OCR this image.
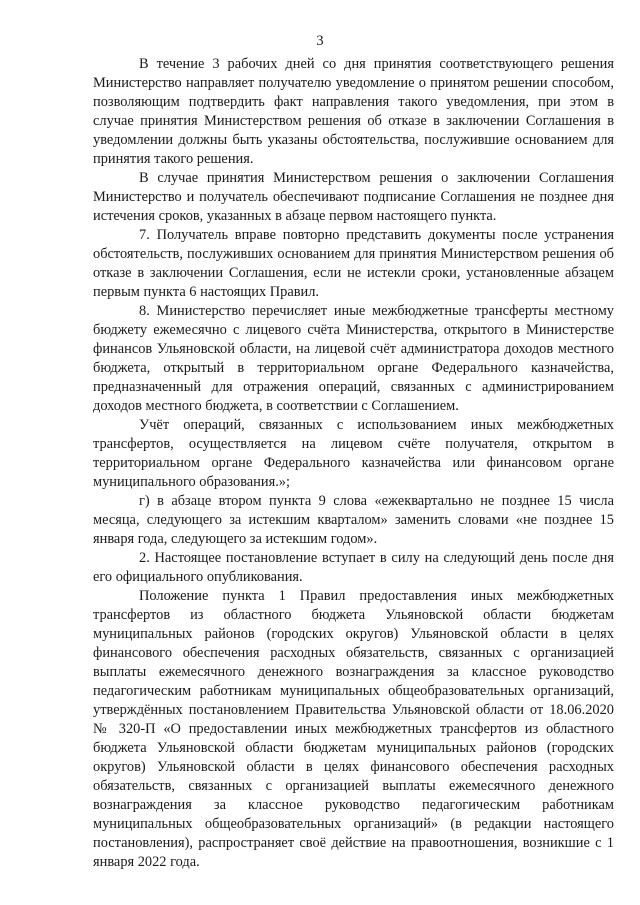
3

В течение 3 рабочих дней со дня принятия соответствующего решения Министерство направляет получателю уведомление о принятом решении способом, позволяющим подтвердить факт направления такого уведомления, при этом в случае принятия Министерством решения об отказе в заключении Соглашения в уведомлении должны быть указаны обстоятельства, послужившие основанием для принятия такого решения.

В случае принятия Министерством решения о заключении Соглашения Министерство и получатель обеспечивают подписание Соглашения не позднее дня истечения сроков, указанных в абзаце первом настоящего пункта.

7. Получатель вправе повторно представить документы после устранения обстоятельств, послуживших основанием для принятия Министерством решения об отказе в заключении Соглашения, если не истекли сроки, установленные абзацем первым пункта 6 настоящих Правил.

8. Министерство перечисляет иные межбюджетные трансферты местному бюджету ежемесячно с лицевого счёта Министерства, открытого в Министерстве финансов Ульяновской области, на лицевой счёт администратора доходов местного бюджета, открытый в территориальном органе Федерального казначейства, предназначенный для отражения операций, связанных с администрированием доходов местного бюджета, в соответствии с Соглашением.

Учёт операций, связанных с использованием иных межбюджетных трансфертов, осуществляется на лицевом счёте получателя, открытом в территориальном органе Федерального казначейства или финансовом органе муниципального образования.»;

г) в абзаце втором пункта 9 слова «ежеквартально не позднее 15 числа месяца, следующего за истекшим кварталом» заменить словами «не позднее 15 января года, следующего за истекшим годом».

2. Настоящее постановление вступает в силу на следующий день после дня его официального опубликования.

Положение пункта 1 Правил предоставления иных межбюджетных трансфертов из областного бюджета Ульяновской области бюджетам муниципальных районов (городских округов) Ульяновской области в целях финансового обеспечения расходных обязательств, связанных с организацией выплаты ежемесячного денежного вознаграждения за классное руководство педагогическим работникам муниципальных общеобразовательных организаций, утверждённых постановлением Правительства Ульяновской области от 18.06.2020 № 320-П «О предоставлении иных межбюджетных трансфертов из областного бюджета Ульяновской области бюджетам муниципальных районов (городских округов) Ульяновской области в целях финансового обеспечения расходных обязательств, связанных с организацией выплаты ежемесячного денежного вознаграждения за классное руководство педагогическим работникам муниципальных общеобразовательных организаций» (в редакции настоящего постановления), распространяет своё действие на правоотношения, возникшие с 1 января 2022 года.
